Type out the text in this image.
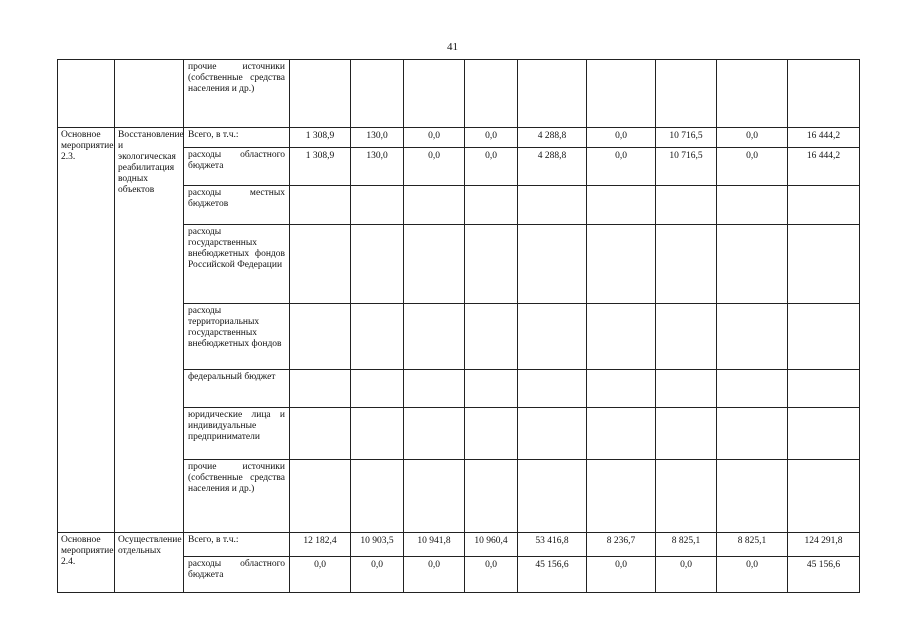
41
		прочие источники (собственные средства населения и др.)									
Основное мероприятие 2.3.	Восстановление и экологическая реабилитация водных объектов	Всего, в т.ч.:	1 308,9	130,0	0,0	0,0	4 288,8	0,0	10 716,5	0,0	16 444,2
		расходы областного бюджета	1 308,9	130,0	0,0	0,0	4 288,8	0,0	10 716,5	0,0	16 444,2
		расходы местных бюджетов									
		расходы государственных внебюджетных фондов Российской Федерации									
		расходы территориальных государственных внебюджетных фондов									
		федеральный бюджет									
		юридические лица и индивидуальные предприниматели									
		прочие источники (собственные средства населения и др.)									
Основное мероприятие 2.4.	Осуществление отдельных	Всего, в т.ч.:	12 182,4	10 903,5	10 941,8	10 960,4	53 416,8	8 236,7	8 825,1	8 825,1	124 291,8
		расходы областного бюджета	0,0	0,0	0,0	0,0	45 156,6	0,0	0,0	0,0	45 156,6
